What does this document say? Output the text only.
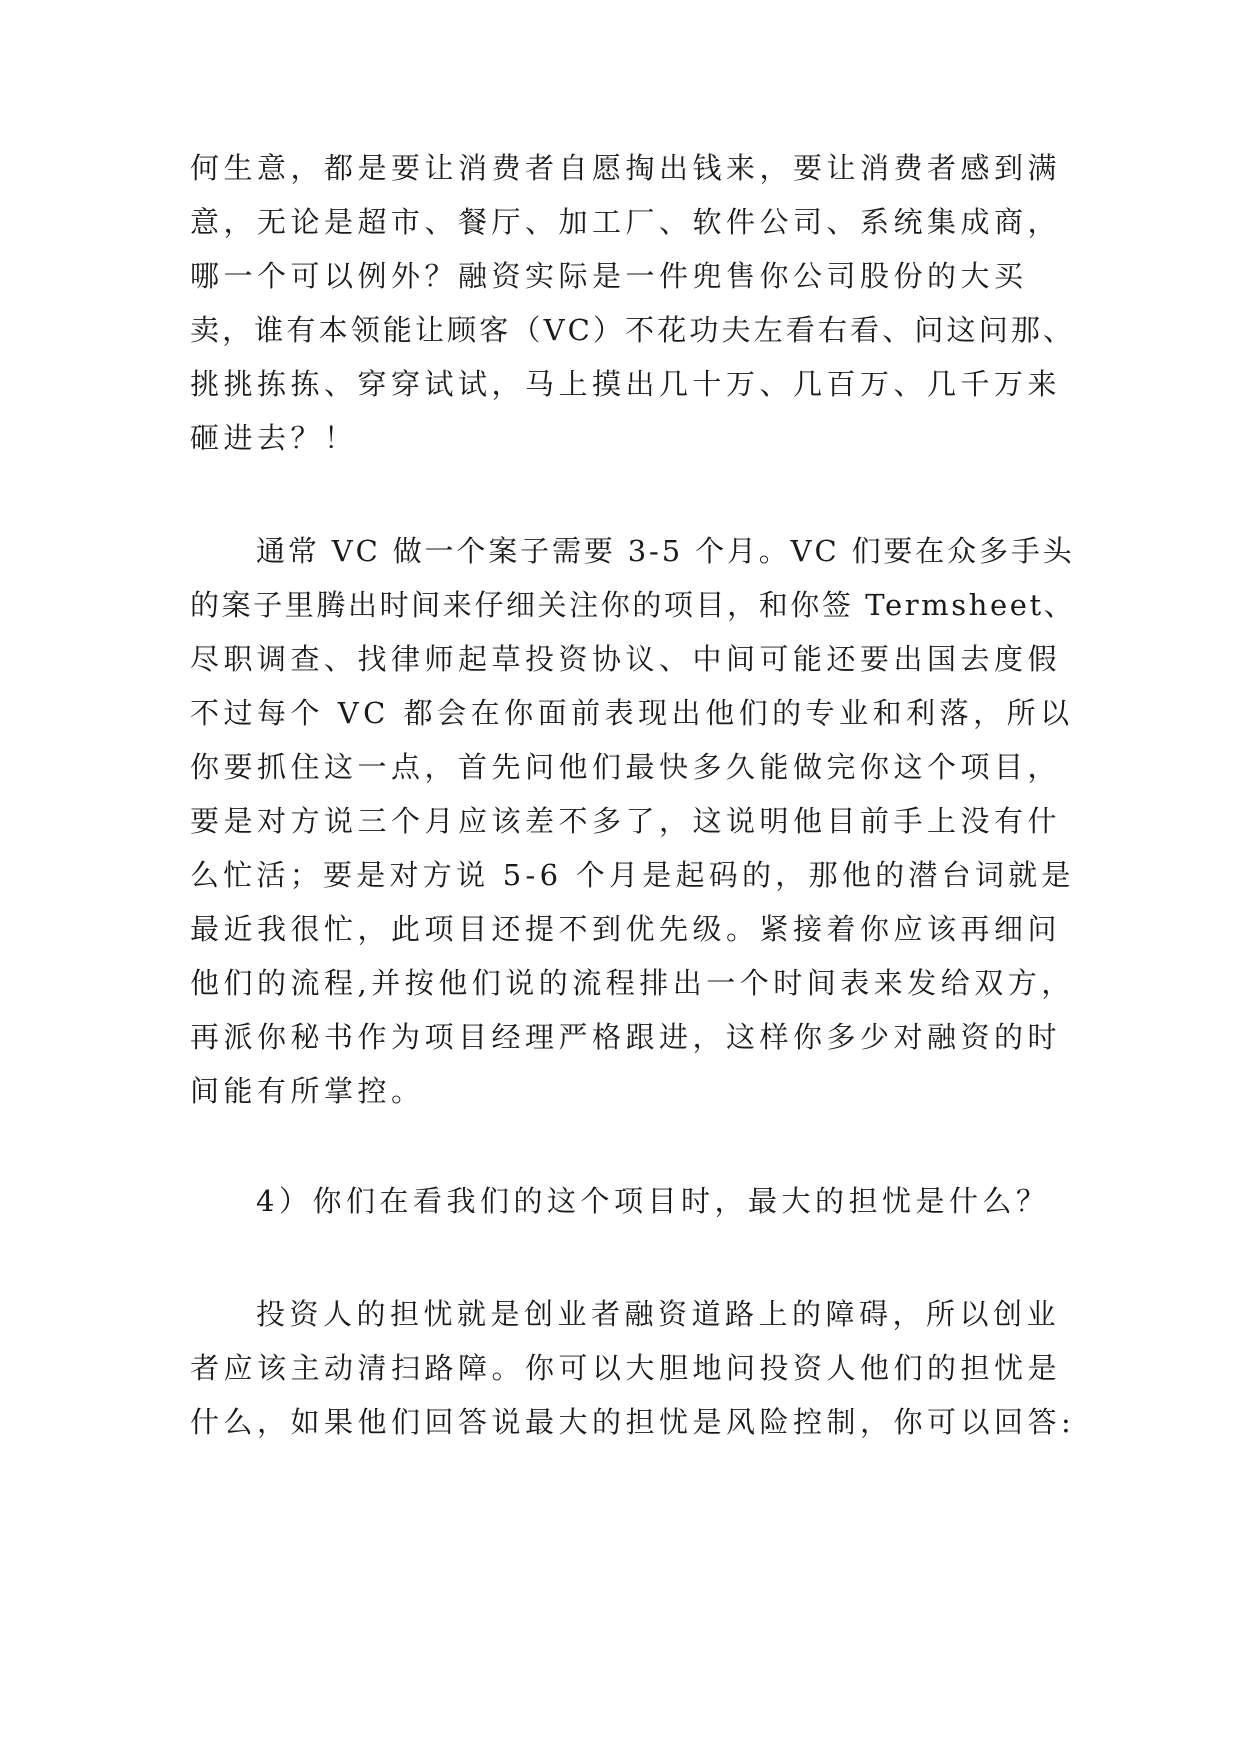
何生意，都是要让消费者自愿掏出钱来，要让消费者感到满

意，无论是超市、餐厅、加工厂、软件公司、系统集成商，

哪一个可以例外？融资实际是一件兜售你公司股份的大买

卖，谁有本领能让顾客（VC）不花功夫左看右看、问这问那、

挑挑拣拣、穿穿试试，马上摸出几十万、几百万、几千万来

砸进去？！

通常 VC 做一个案子需要 3-5 个月。VC 们要在众多手头

的案子里腾出时间来仔细关注你的项目，和你签 Termsheet、

尽职调查、找律师起草投资协议、中间可能还要出国去度假

不过每个 VC 都会在你面前表现出他们的专业和利落，所以

你要抓住这一点，首先问他们最快多久能做完你这个项目，

要是对方说三个月应该差不多了，这说明他目前手上没有什

么忙活；要是对方说 5-6 个月是起码的，那他的潜台词就是

最近我很忙，此项目还提不到优先级。紧接着你应该再细问

他们的流程,并按他们说的流程排出一个时间表来发给双方，

再派你秘书作为项目经理严格跟进，这样你多少对融资的时

间能有所掌控。

4）你们在看我们的这个项目时，最大的担忧是什么？

投资人的担忧就是创业者融资道路上的障碍，所以创业

者应该主动清扫路障。你可以大胆地问投资人他们的担忧是

什么，如果他们回答说最大的担忧是风险控制，你可以回答:
